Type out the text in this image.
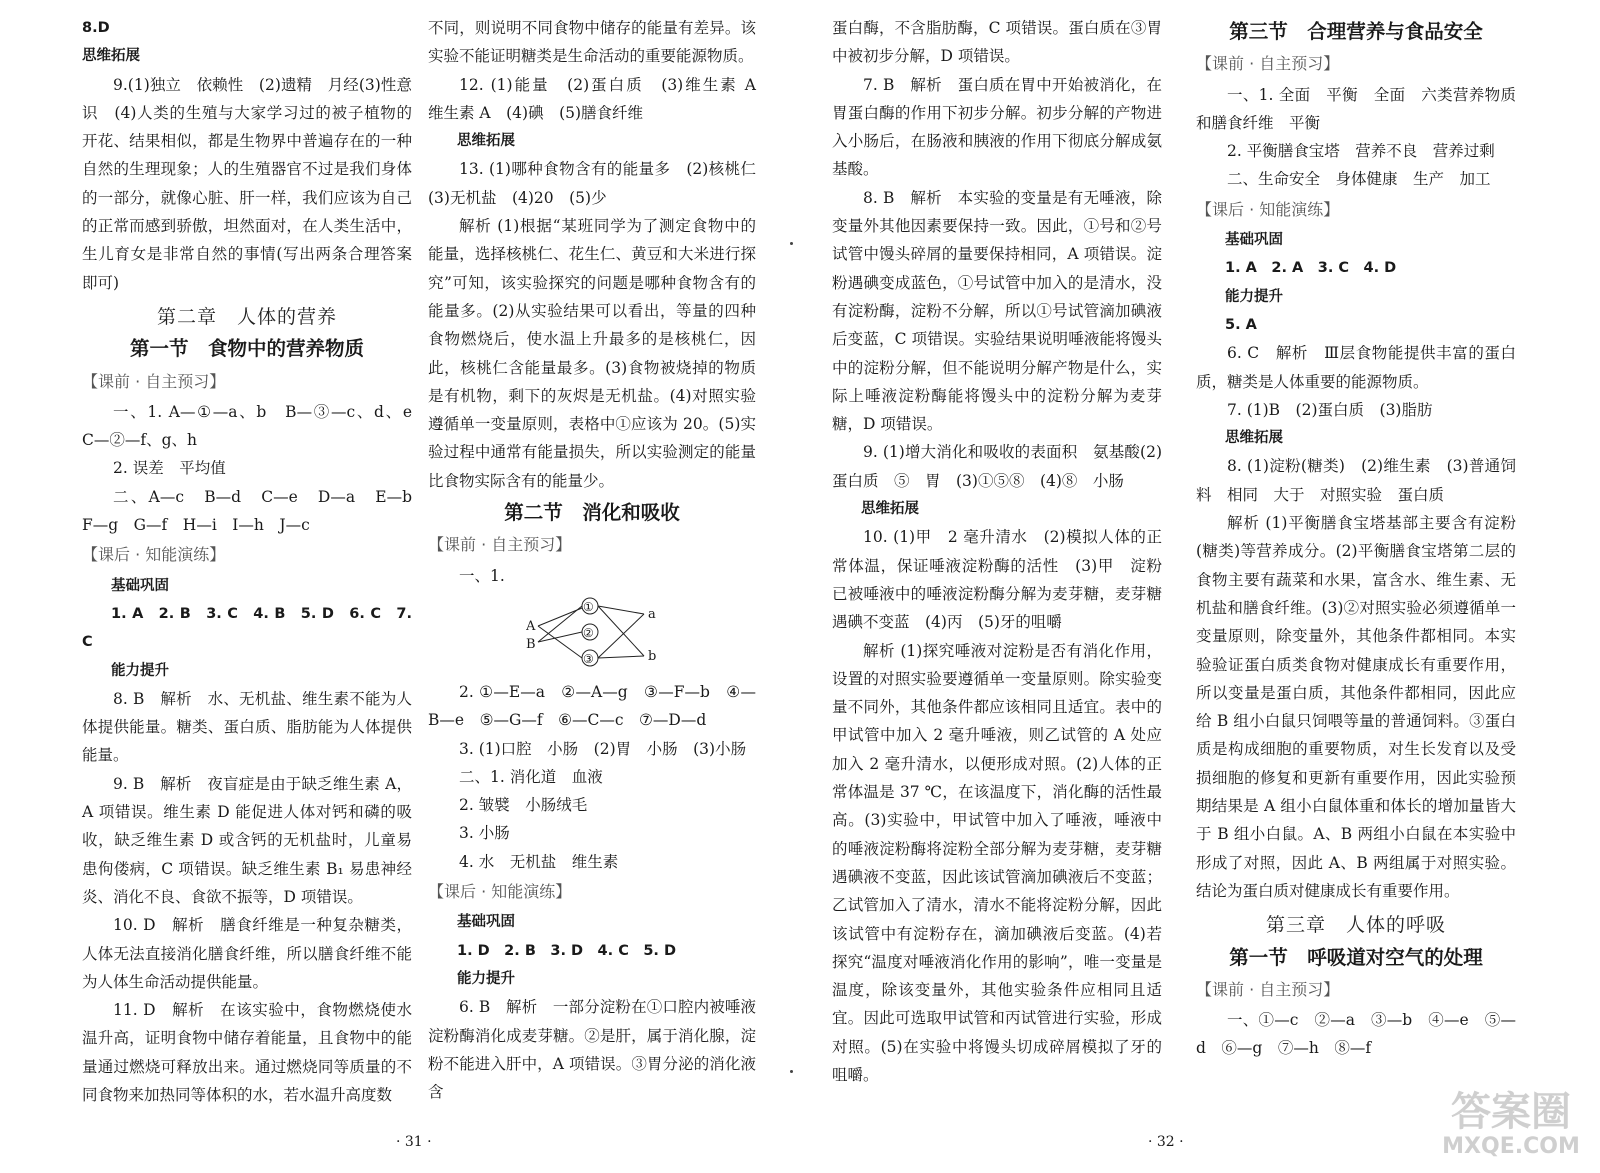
8.D

思维拓展

9.(1)独立　依赖性　(2)遗精　月经(3)性意识　(4)人类的生殖与大家学习过的被子植物的开花、结果相似，都是生物界中普遍存在的一种自然的生理现象；人的生殖器官不过是我们身体的一部分，就像心脏、肝一样，我们应该为自己的正常而感到骄傲，坦然面对，在人类生活中，生儿育女是非常自然的事情(写出两条合理答案即可)

第二章　人体的营养

第一节　食物中的营养物质

【课前 · 自主预习】

一、1. A—①—a、b　B—③—c、d、e　C—②—f、g、h

2. 误差　平均值

二、A—c　B—d　C—e　D—a　E—b　F—g　G—f　H—i　I—h　J—c

【课后 · 知能演练】

基础巩固

1. A　2. B　3. C　4. B　5. D　6. C　7. C

能力提升

8. B　解析　水、无机盐、维生素不能为人体提供能量。糖类、蛋白质、脂肪能为人体提供能量。

9. B　解析　夜盲症是由于缺乏维生素 A，A 项错误。维生素 D 能促进人体对钙和磷的吸收，缺乏维生素 D 或含钙的无机盐时，儿童易患佝偻病，C 项错误。缺乏维生素 B₁ 易患神经炎、消化不良、食欲不振等，D 项错误。

10. D　解析　膳食纤维是一种复杂糖类，人体无法直接消化膳食纤维，所以膳食纤维不能为人体生命活动提供能量。

11. D　解析　在该实验中，食物燃烧使水温升高，证明食物中储存着能量，且食物中的能量通过燃烧可释放出来。通过燃烧同等质量的不同食物来加热同等体积的水，若水温升高度数

不同，则说明不同食物中储存的能量有差异。该实验不能证明糖类是生命活动的重要能源物质。

12. (1)能量　(2)蛋白质　(3)维生素 A　维生素 A　(4)碘　(5)膳食纤维

思维拓展

13. (1)哪种食物含有的能量多　(2)核桃仁(3)无机盐　(4)20　(5)少

解析 (1)根据“某班同学为了测定食物中的能量，选择核桃仁、花生仁、黄豆和大米进行探究”可知，该实验探究的问题是哪种食物含有的能量多。(2)从实验结果可以看出，等量的四种食物燃烧后，使水温上升最多的是核桃仁，因此，核桃仁含能量最多。(3)食物被烧掉的物质是有机物，剩下的灰烬是无机盐。(4)对照实验遵循单一变量原则，表格中①应该为 20。(5)实验过程中通常有能量损失，所以实验测定的能量比食物实际含有的能量少。

第二节　消化和吸收

【课前 · 自主预习】

一、1.

A
B
①
②
③
a
b

2. ①—E—a　②—A—g　③—F—b　④—B—e　⑤—G—f　⑥—C—c　⑦—D—d

3. (1)口腔　小肠　(2)胃　小肠　(3)小肠

二、1. 消化道　血液

2. 皱襞　小肠绒毛

3. 小肠

4. 水　无机盐　维生素

【课后 · 知能演练】

基础巩固

1. D　2. B　3. D　4. C　5. D

能力提升

6. B　解析　一部分淀粉在①口腔内被唾液淀粉酶消化成麦芽糖。②是肝，属于消化腺，淀粉不能进入肝中，A 项错误。③胃分泌的消化液含

蛋白酶，不含脂肪酶，C 项错误。蛋白质在③胃中被初步分解，D 项错误。

7. B　解析　蛋白质在胃中开始被消化，在胃蛋白酶的作用下初步分解。初步分解的产物进入小肠后，在肠液和胰液的作用下彻底分解成氨基酸。

8. B　解析　本实验的变量是有无唾液，除变量外其他因素要保持一致。因此，①号和②号试管中馒头碎屑的量要保持相同，A 项错误。淀粉遇碘变成蓝色，①号试管中加入的是清水，没有淀粉酶，淀粉不分解，所以①号试管滴加碘液后变蓝，C 项错误。实验结果说明唾液能将馒头中的淀粉分解，但不能说明分解产物是什么，实际上唾液淀粉酶能将馒头中的淀粉分解为麦芽糖，D 项错误。

9. (1)增大消化和吸收的表面积　氨基酸(2)蛋白质　⑤　胃　(3)①⑤⑧　(4)⑧　小肠

思维拓展

10. (1)甲　2 毫升清水　(2)模拟人体的正常体温，保证唾液淀粉酶的活性　(3)甲　淀粉已被唾液中的唾液淀粉酶分解为麦芽糖，麦芽糖遇碘不变蓝　(4)丙　(5)牙的咀嚼

解析 (1)探究唾液对淀粉是否有消化作用，设置的对照实验要遵循单一变量原则。除实验变量不同外，其他条件都应该相同且适宜。表中的甲试管中加入 2 毫升唾液，则乙试管的 A 处应加入 2 毫升清水，以便形成对照。(2)人体的正常体温是 37 ℃，在该温度下，消化酶的活性最高。(3)实验中，甲试管中加入了唾液，唾液中的唾液淀粉酶将淀粉全部分解为麦芽糖，麦芽糖遇碘液不变蓝，因此该试管滴加碘液后不变蓝；乙试管加入了清水，清水不能将淀粉分解，因此该试管中有淀粉存在，滴加碘液后变蓝。(4)若探究“温度对唾液消化作用的影响”，唯一变量是温度，除该变量外，其他实验条件应相同且适宜。因此可选取甲试管和丙试管进行实验，形成对照。(5)在实验中将馒头切成碎屑模拟了牙的咀嚼。

第三节　合理营养与食品安全

【课前 · 自主预习】

一、1. 全面　平衡　全面　六类营养物质和膳食纤维　平衡

2. 平衡膳食宝塔　营养不良　营养过剩

二、生命安全　身体健康　生产　加工

【课后 · 知能演练】

基础巩固

1. A　2. A　3. C　4. D

能力提升

5. A

6. C　解析　Ⅲ层食物能提供丰富的蛋白质，糖类是人体重要的能源物质。

7. (1)B　(2)蛋白质　(3)脂肪

思维拓展

8. (1)淀粉(糖类)　(2)维生素　(3)普通饲料　相同　大于　对照实验　蛋白质

解析 (1)平衡膳食宝塔基部主要含有淀粉(糖类)等营养成分。(2)平衡膳食宝塔第二层的食物主要有蔬菜和水果，富含水、维生素、无机盐和膳食纤维。(3)②对照实验必须遵循单一变量原则，除变量外，其他条件都相同。本实验验证蛋白质类食物对健康成长有重要作用，所以变量是蛋白质，其他条件都相同，因此应给 B 组小白鼠只饲喂等量的普通饲料。③蛋白质是构成细胞的重要物质，对生长发育以及受损细胞的修复和更新有重要作用，因此实验预期结果是 A 组小白鼠体重和体长的增加量皆大于 B 组小白鼠。A、B 两组小白鼠在本实验中形成了对照，因此 A、B 两组属于对照实验。结论为蛋白质对健康成长有重要作用。

第三章　人体的呼吸

第一节　呼吸道对空气的处理

【课前 · 自主预习】

一、①—c　②—a　③—b　④—e　⑤—d　⑥—g　⑦—h　⑧—f

· 31 ·	· 32 ·
答案圈
MXQE.COM
